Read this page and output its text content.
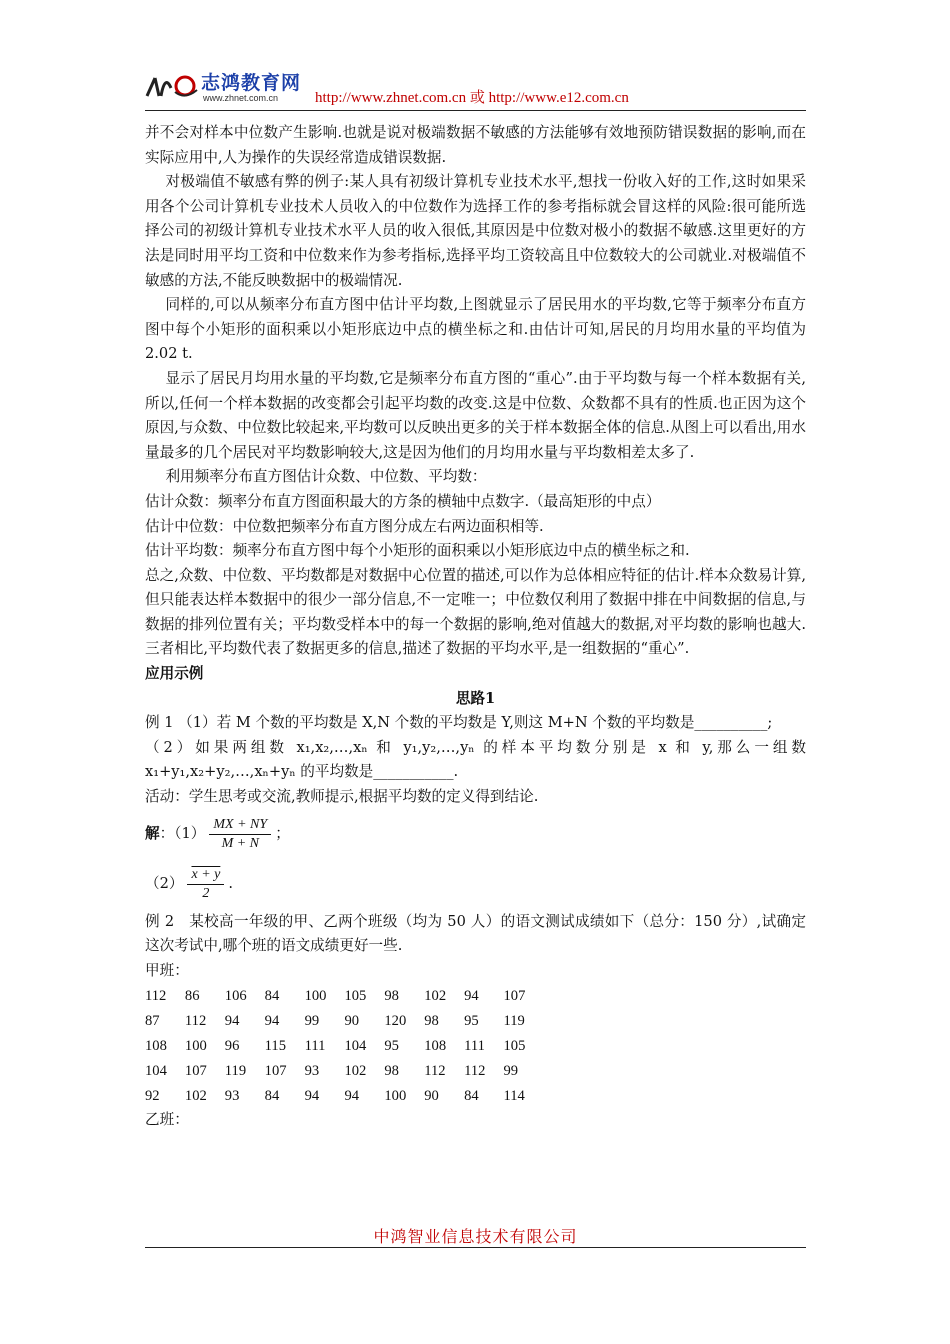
志鸿教育网
www.zhnet.com.cn http://www.zhnet.com.cn 或 http://www.e12.com.cn

并不会对样本中位数产生影响.也就是说对极端数据不敏感的方法能够有效地预防错误数据的影响,而在实际应用中,人为操作的失误经常造成错误数据.

对极端值不敏感有弊的例子:某人具有初级计算机专业技术水平,想找一份收入好的工作,这时如果采用各个公司计算机专业技术人员收入的中位数作为选择工作的参考指标就会冒这样的风险:很可能所选择公司的初级计算机专业技术水平人员的收入很低,其原因是中位数对极小的数据不敏感.这里更好的方法是同时用平均工资和中位数来作为参考指标,选择平均工资较高且中位数较大的公司就业.对极端值不敏感的方法,不能反映数据中的极端情况.

同样的,可以从频率分布直方图中估计平均数,上图就显示了居民用水的平均数,它等于频率分布直方图中每个小矩形的面积乘以小矩形底边中点的横坐标之和.由估计可知,居民的月均用水量的平均值为2.02 t.

显示了居民月均用水量的平均数,它是频率分布直方图的“重心”.由于平均数与每一个样本数据有关,所以,任何一个样本数据的改变都会引起平均数的改变.这是中位数、众数都不具有的性质.也正因为这个原因,与众数、中位数比较起来,平均数可以反映出更多的关于样本数据全体的信息.从图上可以看出,用水量最多的几个居民对平均数影响较大,这是因为他们的月均用水量与平均数相差太多了.

利用频率分布直方图估计众数、中位数、平均数：

估计众数：频率分布直方图面积最大的方条的横轴中点数字.（最高矩形的中点）

估计中位数：中位数把频率分布直方图分成左右两边面积相等.

估计平均数：频率分布直方图中每个小矩形的面积乘以小矩形底边中点的横坐标之和.

总之,众数、中位数、平均数都是对数据中心位置的描述,可以作为总体相应特征的估计.样本众数易计算,但只能表达样本数据中的很少一部分信息,不一定唯一；中位数仅利用了数据中排在中间数据的信息,与数据的排列位置有关；平均数受样本中的每一个数据的影响,绝对值越大的数据,对平均数的影响也越大. 三者相比,平均数代表了数据更多的信息,描述了数据的平均水平,是一组数据的“重心”.

应用示例

思路1

例 1 （1）若 M 个数的平均数是 X,N 个数的平均数是 Y,则这 M+N 个数的平均数是__________;

（2）如果两组数 x₁,x₂,…,xₙ 和 y₁,y₂,…,yₙ 的样本平均数分别是 x 和 y,那么一组数 x₁+y₁,x₂+y₂,…,xₙ+yₙ 的平均数是___________.

活动：学生思考或交流,教师提示,根据平均数的定义得到结论.

解 ：$(1) \frac{MX + NY}{M + N}$ ；
$(2) \frac{x + y}{2}$ .

例 2　某校高一年级的甲、乙两个班级（均为 50 人）的语文测试成绩如下（总分：150 分）,试确定这次考试中,哪个班的语文成绩更好一些.

甲班：

112	86	106	84	100	105	98	102	94	107
87	112	94	94	99	90	120	98	95	119
108	100	96	115	111	104	95	108	111	105
104	107	119	107	93	102	98	112	112	99
92	102	93	84	94	94	100	90	84	114

乙班：

中鸿智业信息技术有限公司
